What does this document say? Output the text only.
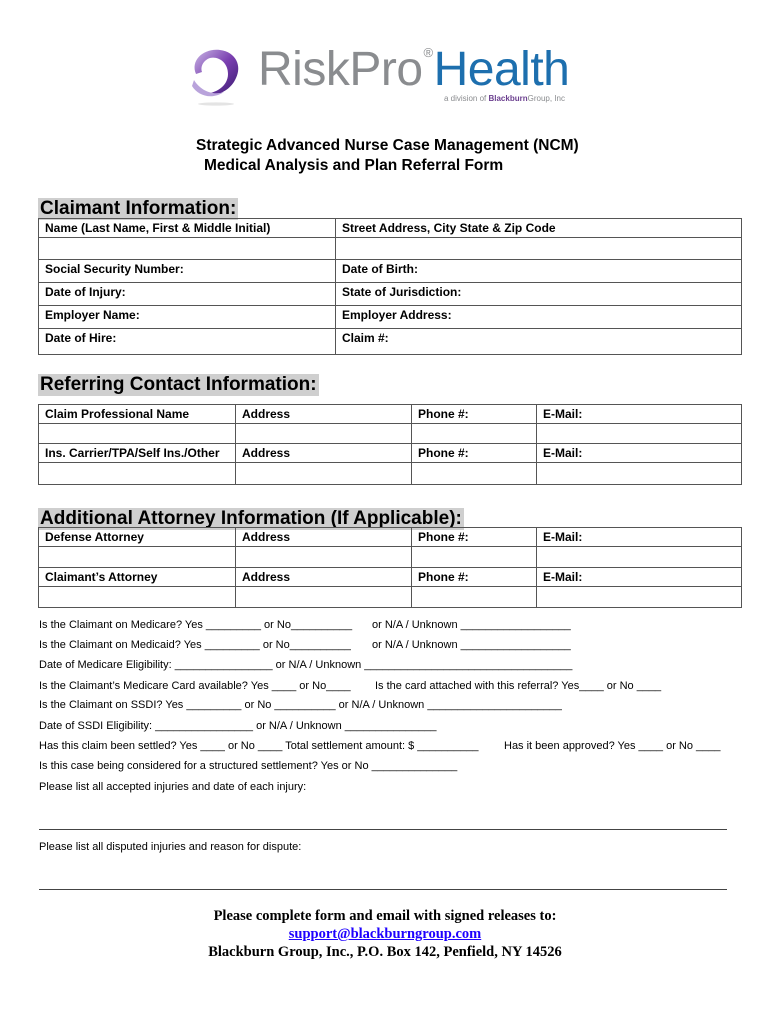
RiskPro®Health
a division of BlackburnGroup, Inc
Strategic Advanced Nurse Case Management (NCM)
Medical Analysis and Plan Referral Form
Claimant Information:
Name (Last Name, First & Middle Initial)	Street Address, City State & Zip Code

Social Security Number:	Date of Birth:
Date of Injury:	State of Jurisdiction:
Employer Name:	Employer Address:
Date of Hire:	Claim #:
Referring Contact Information:
Claim Professional Name	Address	Phone #:	E-Mail:

Ins. Carrier/TPA/Self Ins./Other	Address	Phone #:	E-Mail:

Additional Attorney Information (If Applicable):
Defense Attorney	Address	Phone #:	E-Mail:

Claimant’s Attorney	Address	Phone #:	E-Mail:

Is the Claimant on Medicare? Yes _________ or No__________ or N/A / Unknown __________________
Is the Claimant on Medicaid? Yes _________ or No__________ or N/A / Unknown __________________
Date of Medicare Eligibility: ________________ or N/A / Unknown __________________________________
Is the Claimant’s Medicare Card available? Yes ____ or No____ Is the card attached with this referral? Yes____ or No ____
Is the Claimant on SSDI? Yes _________ or No __________ or N/A / Unknown ______________________
Date of SSDI Eligibility: ________________ or N/A / Unknown _______________
Has this claim been settled? Yes ____ or No ____ Total settlement amount: $ __________ Has it been approved? Yes ____ or No ____
Is this case being considered for a structured settlement? Yes or No ______________
Please list all accepted injuries and date of each injury:
Please list all disputed injuries and reason for dispute:
Please complete form and email with signed releases to:
support@blackburngroup.com
Blackburn Group, Inc., P.O. Box 142, Penfield, NY 14526
